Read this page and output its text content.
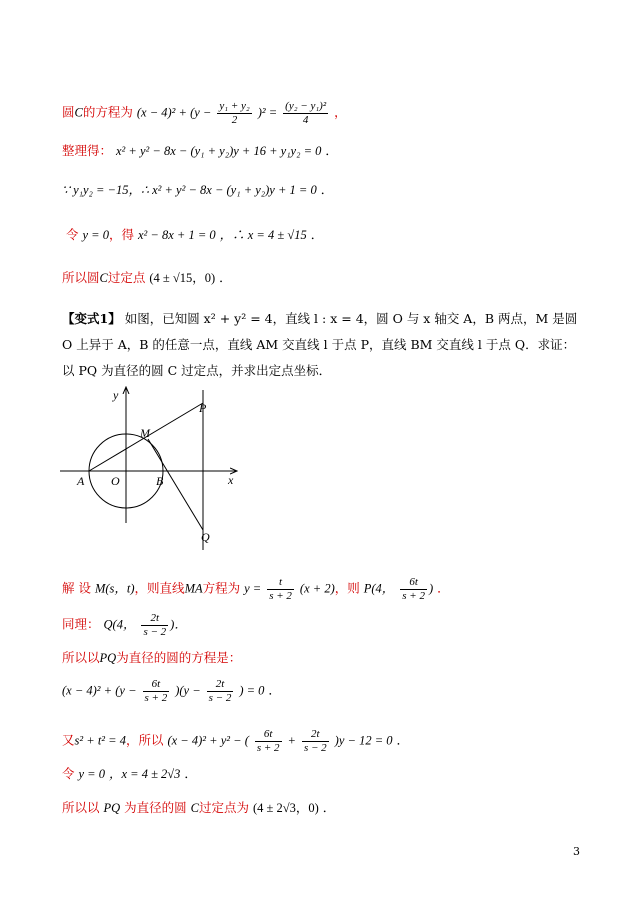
圆C的方程为 $(x - 4)^2 + (y - \frac{\text{y₁ + y₂}}{2} )^2 = \frac{\text{(y₂ − y₁)²}}{4}$ ，
整理得： x² + y² − 8x − (y₁ + y₂)y + 16 + y₁y₂ = 0 ．
∵ y₁y₂ = −15，∴ x² + y² − 8x − (y₁ + y₂)y + 1 = 0 ．
令 y = 0，得 x² − 8x + 1 = 0 ，∴ x = 4 ± √15 ．
所以圆C过定点 (4 ± √15，0) ．
【变式1】 如图，已知圆 x² + y² = 4，直线 l : x = 4，圆 O 与 x 轴交 A，B 两点，M 是圆 O 上异于 A，B 的任意一点，直线 AM 交直线 l 于点 P，直线 BM 交直线 l 于点 Q．求证：以 PQ 为直径的圆 C 过定点，并求出定点坐标．
y
x
O
A	B
M
P
Q
解 设 M(s，t)，则直线MA方程为 $y = \frac{t}{s + 2} (x + 2)$，则 P(4， $\frac{6t}{s + 2}$ ) ．
同理： Q(4， $\frac{2t}{s - 2}$ )．
所以以PQ为直径的圆的方程是：
$(x - 4)^2 + (y - \frac{6t}{s + 2} )(y - \frac{2t}{s - 2}$ ) = 0 ．
又s² + t² = 4，所以 (x − 4)² + y² − ( $\frac{6t}{s + 2} + \frac{2t}{s - 2} )y - 12 = 0$ ．
令 y = 0 ，x = 4 ± 2√3 ．
所以以 PQ 为直径的圆 C过定点为 (4 ± 2√3，0) ．
3
